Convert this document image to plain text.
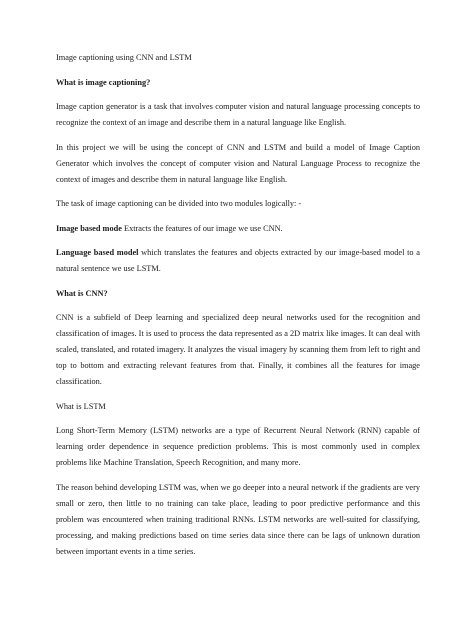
Image captioning using CNN and LSTM

What is image captioning?

Image caption generator is a task that involves computer vision and natural language processing concepts to recognize the context of an image and describe them in a natural language like English.

In this project we will be using the concept of CNN and LSTM and build a model of Image Caption Generator which involves the concept of computer vision and Natural Language Process to recognize the context of images and describe them in natural language like English.

The task of image captioning can be divided into two modules logically: -

Image based mode Extracts the features of our image we use CNN.

Language based model which translates the features and objects extracted by our image-based model to a natural sentence we use LSTM.

What is CNN?

CNN is a subfield of Deep learning and specialized deep neural networks used for the recognition and classification of images. It is used to process the data represented as a 2D matrix like images. It can deal with scaled, translated, and rotated imagery. It analyzes the visual imagery by scanning them from left to right and top to bottom and extracting relevant features from that. Finally, it combines all the features for image classification.

What is LSTM

Long Short-Term Memory (LSTM) networks are a type of Recurrent Neural Network (RNN) capable of learning order dependence in sequence prediction problems. This is most commonly used in complex problems like Machine Translation, Speech Recognition, and many more.

The reason behind developing LSTM was, when we go deeper into a neural network if the gradients are very small or zero, then little to no training can take place, leading to poor predictive performance and this problem was encountered when training traditional RNNs. LSTM networks are well-suited for classifying, processing, and making predictions based on time series data since there can be lags of unknown duration between important events in a time series.
